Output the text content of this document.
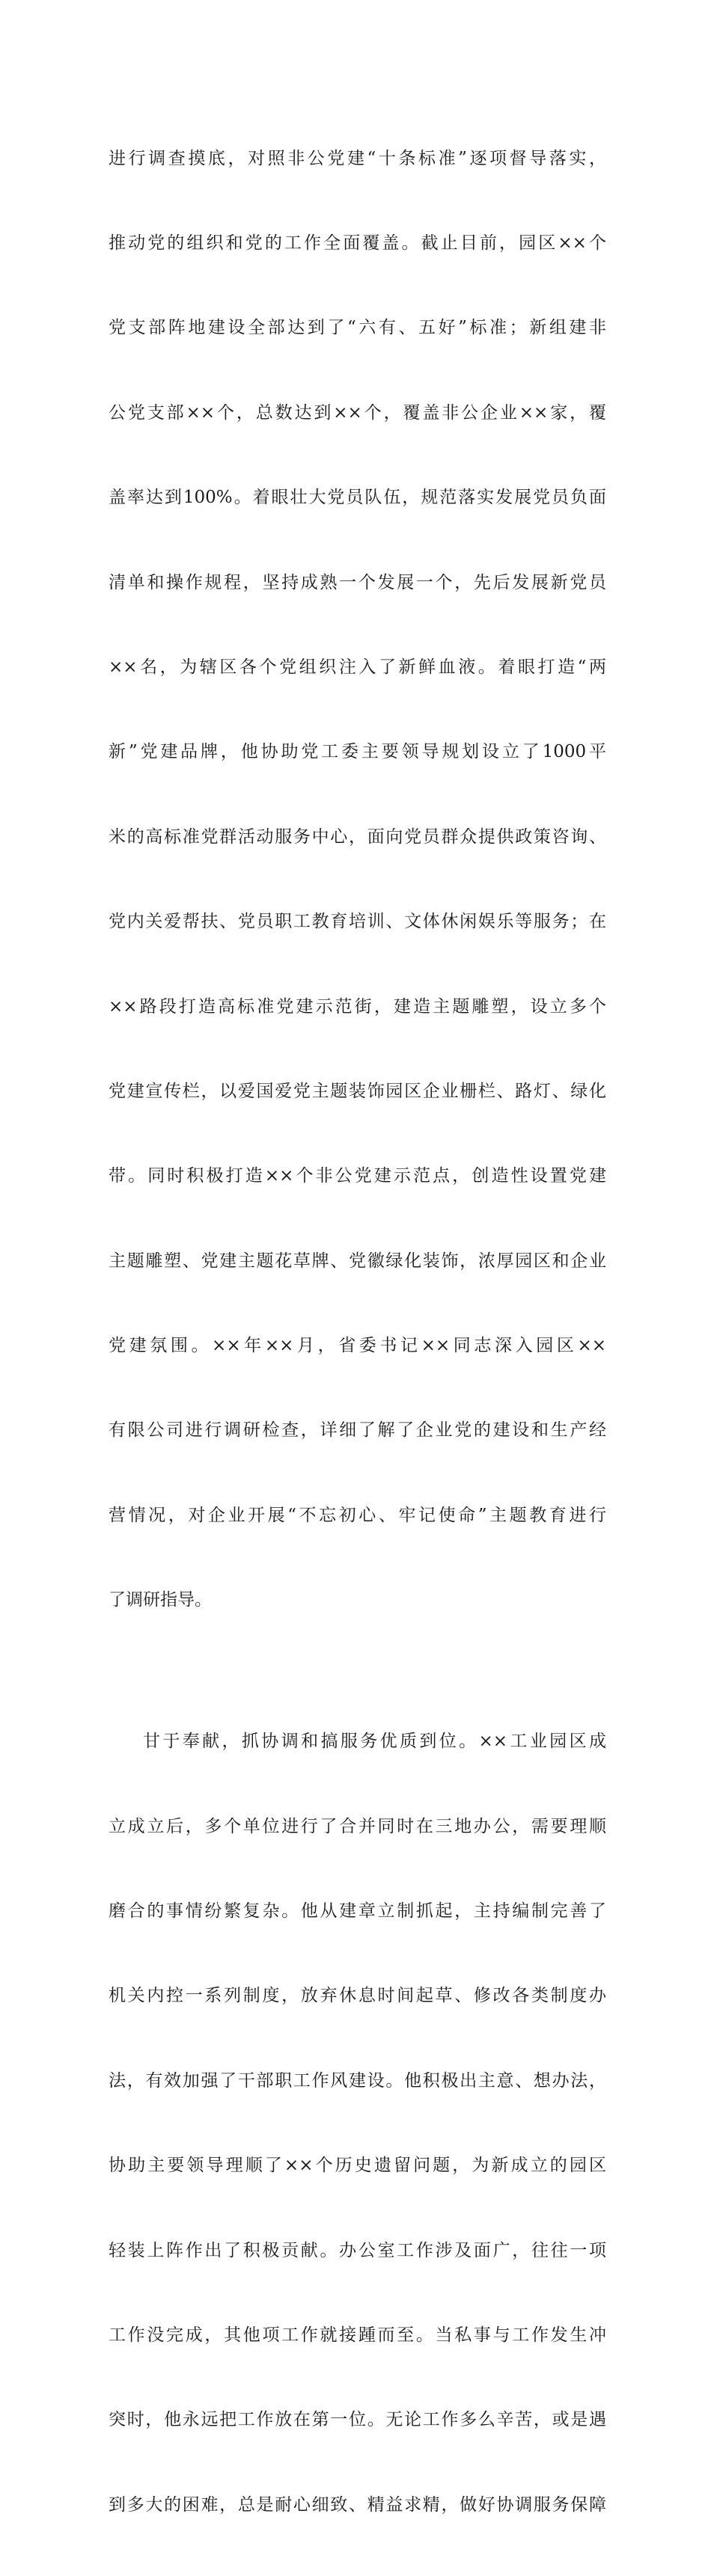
进行调查摸底，对照非公党建“十条标准”逐项督导落实，

推动党的组织和党的工作全面覆盖。截止目前，园区××个

党支部阵地建设全部达到了“六有、五好”标准；新组建非

公党支部××个，总数达到××个，覆盖非公企业××家，覆

盖率达到100%。着眼壮大党员队伍，规范落实发展党员负面

清单和操作规程，坚持成熟一个发展一个，先后发展新党员

××名，为辖区各个党组织注入了新鲜血液。着眼打造“两

新”党建品牌，他协助党工委主要领导规划设立了1000平

米的高标准党群活动服务中心，面向党员群众提供政策咨询、

党内关爱帮扶、党员职工教育培训、文体休闲娱乐等服务；在

××路段打造高标准党建示范街，建造主题雕塑，设立多个

党建宣传栏，以爱国爱党主题装饰园区企业栅栏、路灯、绿化

带。同时积极打造××个非公党建示范点，创造性设置党建

主题雕塑、党建主题花草牌、党徽绿化装饰，浓厚园区和企业

党建氛围。××年××月，省委书记××同志深入园区××

有限公司进行调研检查，详细了解了企业党的建设和生产经

营情况，对企业开展“不忘初心、牢记使命”主题教育进行

了调研指导。

甘于奉献，抓协调和搞服务优质到位。××工业园区成

立成立后，多个单位进行了合并同时在三地办公，需要理顺

磨合的事情纷繁复杂。他从建章立制抓起，主持编制完善了

机关内控一系列制度，放弃休息时间起草、修改各类制度办

法，有效加强了干部职工作风建设。他积极出主意、想办法，

协助主要领导理顺了××个历史遗留问题，为新成立的园区

轻装上阵作出了积极贡献。办公室工作涉及面广，往往一项

工作没完成，其他项工作就接踵而至。当私事与工作发生冲

突时，他永远把工作放在第一位。无论工作多么辛苦，或是遇

到多大的困难，总是耐心细致、精益求精，做好协调服务保障
